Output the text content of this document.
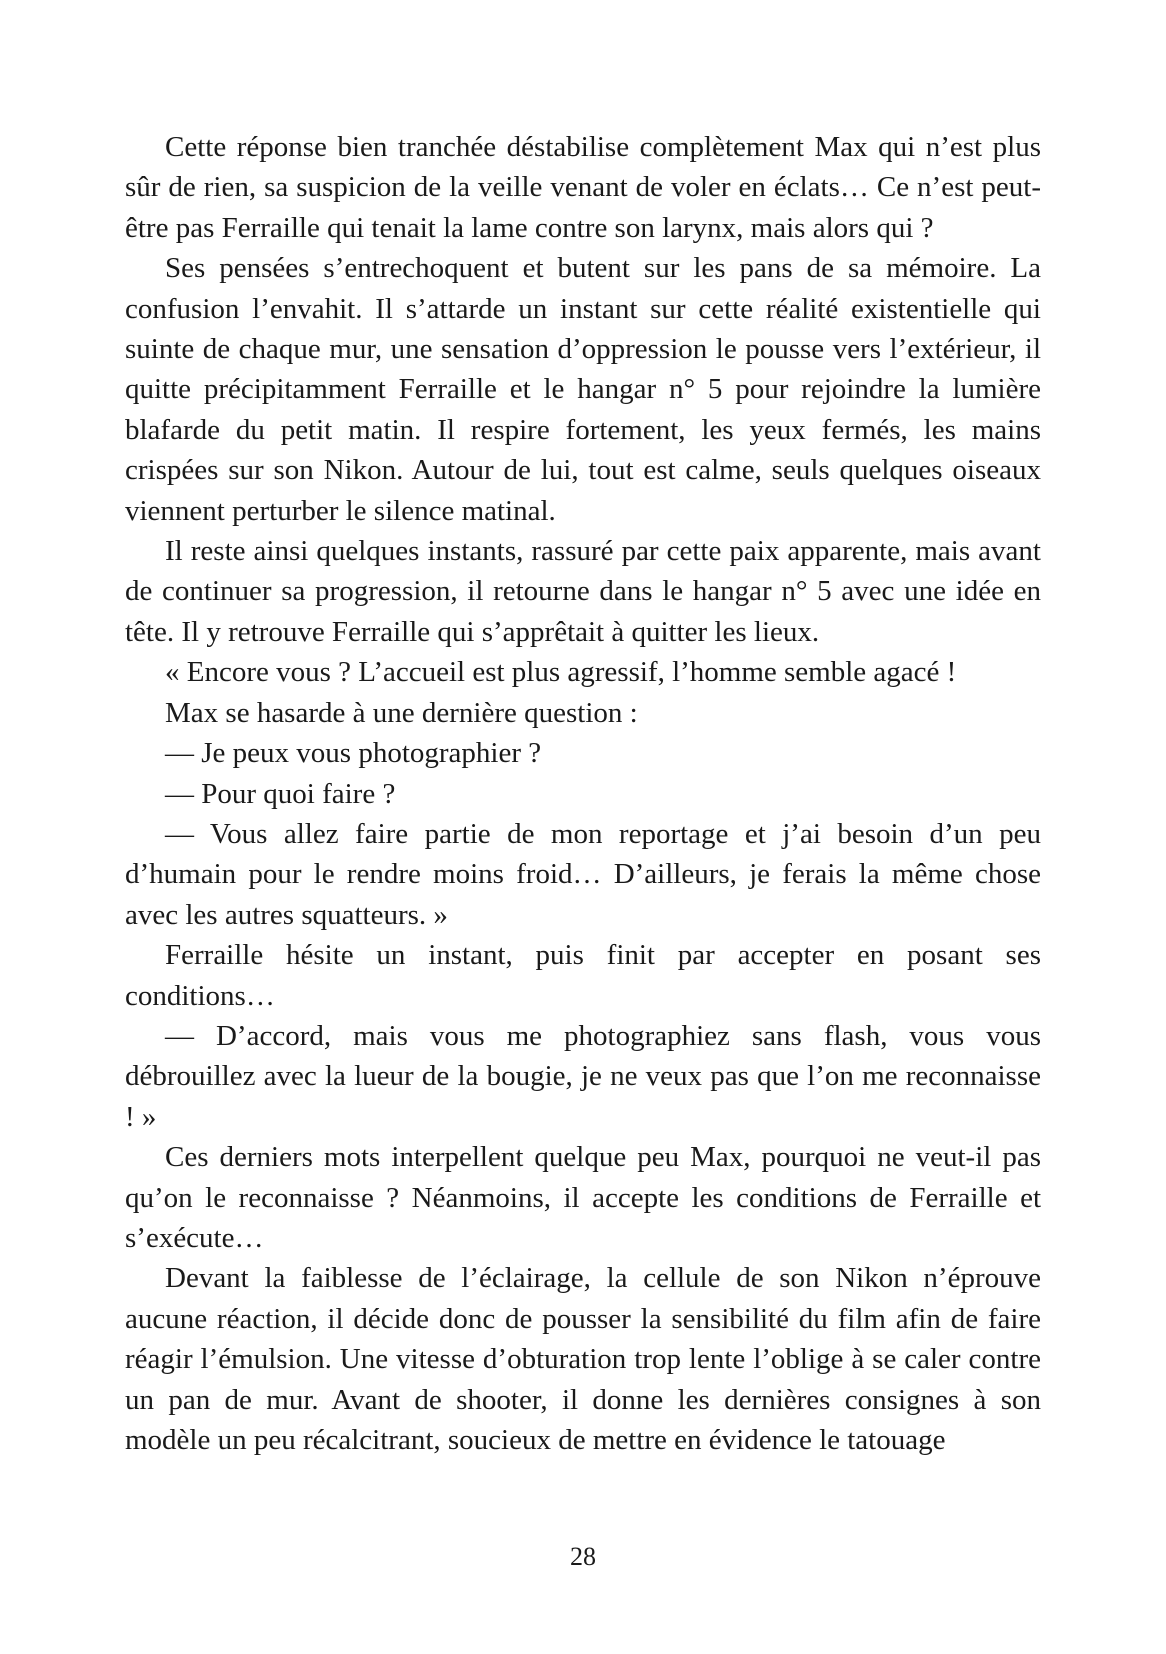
Cette réponse bien tranchée déstabilise complètement Max qui n’est plus sûr de rien, sa suspicion de la veille venant de voler en éclats… Ce n’est peut-être pas Ferraille qui tenait la lame contre son larynx, mais alors qui ?

Ses pensées s’entrechoquent et butent sur les pans de sa mémoire. La confusion l’envahit. Il s’attarde un instant sur cette réalité existentielle qui suinte de chaque mur, une sensation d’oppression le pousse vers l’extérieur, il quitte précipitamment Ferraille et le hangar n° 5 pour rejoindre la lumière blafarde du petit matin. Il respire fortement, les yeux fermés, les mains crispées sur son Nikon. Autour de lui, tout est calme, seuls quelques oiseaux viennent perturber le silence matinal.

Il reste ainsi quelques instants, rassuré par cette paix apparente, mais avant de continuer sa progression, il retourne dans le hangar n° 5 avec une idée en tête. Il y retrouve Ferraille qui s’apprêtait à quitter les lieux.

« Encore vous ? L’accueil est plus agressif, l’homme semble agacé !

Max se hasarde à une dernière question :

— Je peux vous photographier ?

— Pour quoi faire ?

— Vous allez faire partie de mon reportage et j’ai besoin d’un peu d’humain pour le rendre moins froid… D’ailleurs, je ferais la même chose avec les autres squatteurs. »

Ferraille hésite un instant, puis finit par accepter en posant ses conditions…

— D’accord, mais vous me photographiez sans flash, vous vous débrouillez avec la lueur de la bougie, je ne veux pas que l’on me reconnaisse ! »

Ces derniers mots interpellent quelque peu Max, pourquoi ne veut-il pas qu’on le reconnaisse ? Néanmoins, il accepte les conditions de Ferraille et s’exécute…

Devant la faiblesse de l’éclairage, la cellule de son Nikon n’éprouve aucune réaction, il décide donc de pousser la sensibilité du film afin de faire réagir l’émulsion. Une vitesse d’obturation trop lente l’oblige à se caler contre un pan de mur. Avant de shooter, il donne les dernières consignes à son modèle un peu récalcitrant, soucieux de mettre en évidence le tatouage

28
